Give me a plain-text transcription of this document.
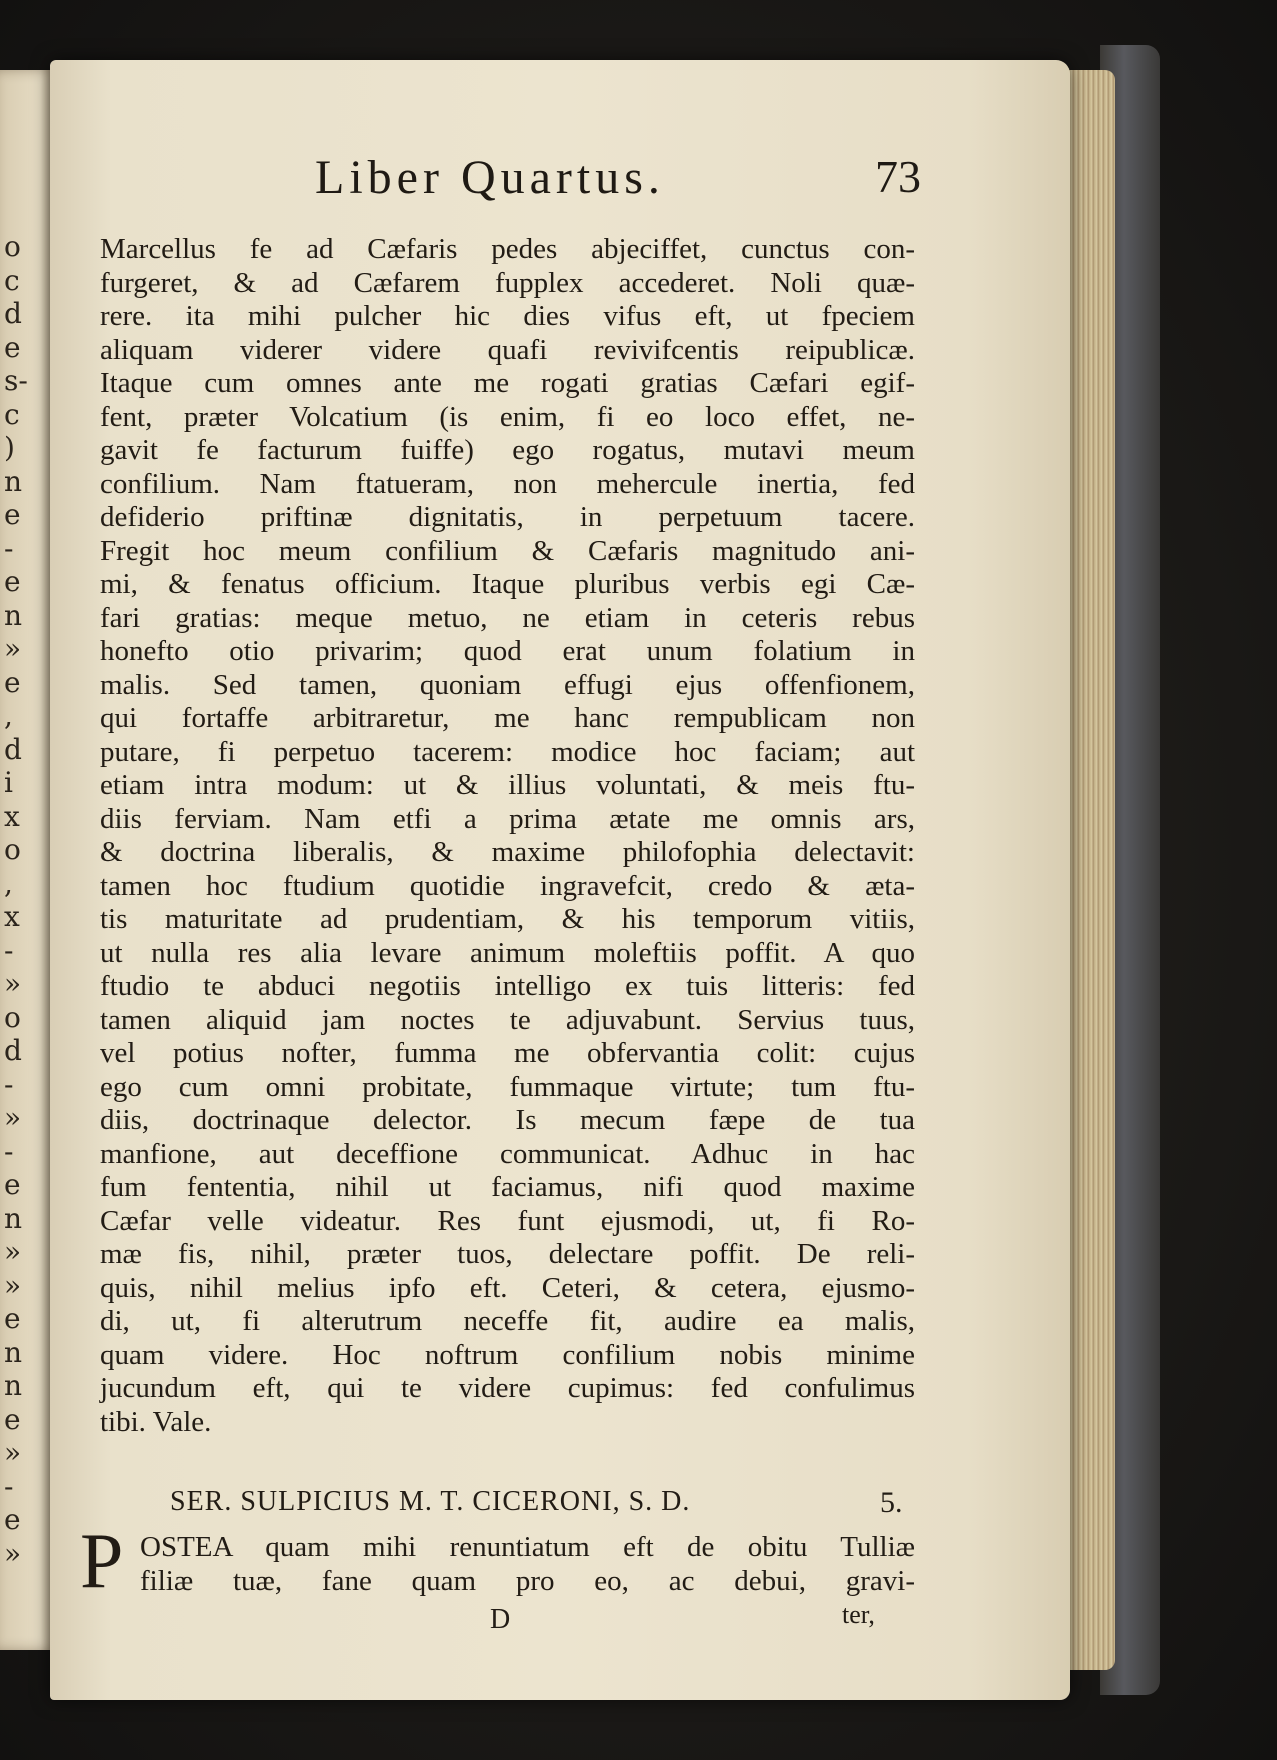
o
c
d
e
s-
c
)
n
e
-
e
n
»
e
,
d
i
x
o
,
x
-
»
o
d
-
»
-
e
n
»
»
e
n
n
e
»
-
e
»
Liber Quartus.	73
Marcellus fe ad Cæfaris pedes abjeciffet, cunctus con-
furgeret, & ad Cæfarem fupplex accederet. Noli quæ-
rere. ita mihi pulcher hic dies vifus eft, ut fpeciem
aliquam viderer videre quafi revivifcentis reipublicæ.
Itaque cum omnes ante me rogati gratias Cæfari egif-
fent, præter Volcatium (is enim, fi eo loco effet, ne-
gavit fe facturum fuiffe) ego rogatus, mutavi meum
confilium. Nam ftatueram, non mehercule inertia, fed
defiderio priftinæ dignitatis, in perpetuum tacere.
Fregit hoc meum confilium & Cæfaris magnitudo ani-
mi, & fenatus officium. Itaque pluribus verbis egi Cæ-
fari gratias: meque metuo, ne etiam in ceteris rebus
honefto otio privarim; quod erat unum folatium in
malis. Sed tamen, quoniam effugi ejus offenfionem,
qui fortaffe arbitraretur, me hanc rempublicam non
putare, fi perpetuo tacerem: modice hoc faciam; aut
etiam intra modum: ut & illius voluntati, & meis ftu-
diis ferviam. Nam etfi a prima ætate me omnis ars,
& doctrina liberalis, & maxime philofophia delectavit:
tamen hoc ftudium quotidie ingravefcit, credo & æta-
tis maturitate ad prudentiam, & his temporum vitiis,
ut nulla res alia levare animum moleftiis poffit. A quo
ftudio te abduci negotiis intelligo ex tuis litteris: fed
tamen aliquid jam noctes te adjuvabunt. Servius tuus,
vel potius nofter, fumma me obfervantia colit: cujus
ego cum omni probitate, fummaque virtute; tum ftu-
diis, doctrinaque delector. Is mecum fæpe de tua
manfione, aut deceffione communicat. Adhuc in hac
fum fententia, nihil ut faciamus, nifi quod maxime
Cæfar velle videatur. Res funt ejusmodi, ut, fi Ro-
mæ fis, nihil, præter tuos, delectare poffit. De reli-
quis, nihil melius ipfo eft. Ceteri, & cetera, ejusmo-
di, ut, fi alterutrum neceffe fit, audire ea malis,
quam videre. Hoc noftrum confilium nobis minime
jucundum eft, qui te videre cupimus: fed confulimus
tibi. Vale.
SER. SULPICIUS M. T. CICERONI, S. D.	5.
P OSTEA quam mihi renuntiatum eft de obitu Tulliæ
filiæ tuæ, fane quam pro eo, ac debui, gravi-
D	ter,
